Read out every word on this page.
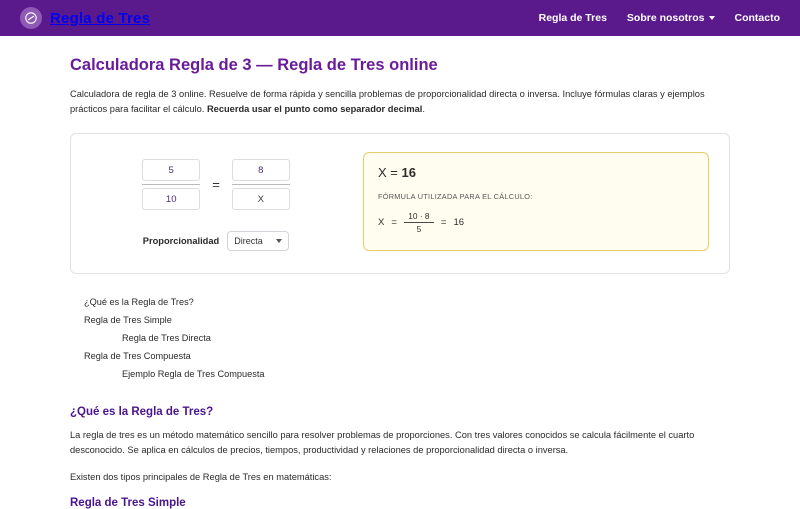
Regla de Tres	Regla de Tres Sobre nosotros	Contacto
Calculadora Regla de 3 — Regla de Tres online

Calculadora de regla de 3 online. Resuelve de forma rápida y sencilla problemas de proporcionalidad directa o inversa. Incluye fórmulas claras y ejemplos prácticos para facilitar el cálculo. Recuerda usar el punto como separador decimal.

$\frac{5}{10} = \frac{8}{X}$
Proporcionalidad Directa
X = 16
FÓRMULA UTILIZADA PARA EL CÁLCULO:
$X = \frac{10 \cdot 8}{5} = 16$
¿Qué es la Regla de Tres?
Regla de Tres Simple
Regla de Tres Directa
Regla de Tres Compuesta
Ejemplo Regla de Tres Compuesta
¿Qué es la Regla de Tres?

La regla de tres es un método matemático sencillo para resolver problemas de proporciones. Con tres valores conocidos se calcula fácilmente el cuarto desconocido. Se aplica en cálculos de precios, tiempos, productividad y relaciones de proporcionalidad directa o inversa.

Existen dos tipos principales de Regla de Tres en matemáticas:

Regla de Tres Simple
